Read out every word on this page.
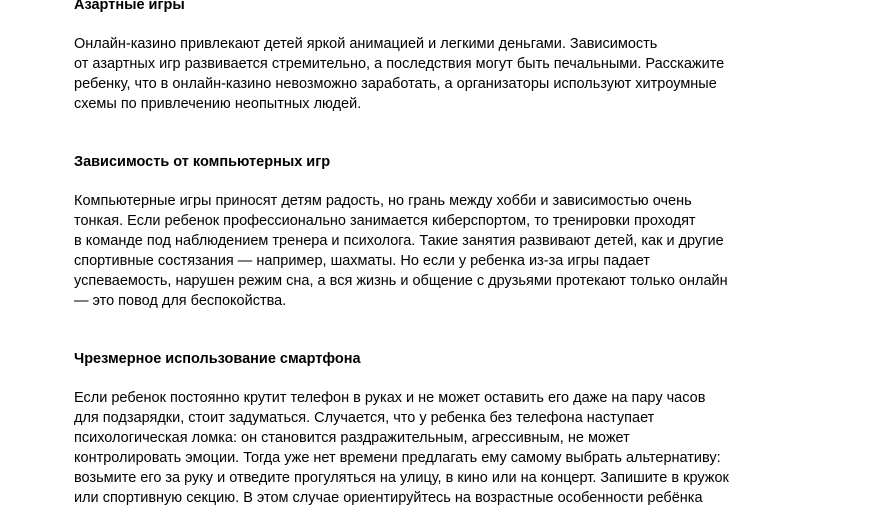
Азартные игры

Онлайн-казино привлекают детей яркой анимацией и легкими деньгами. Зависимость
от азартных игр развивается стремительно, а последствия могут быть печальными. Расскажите
ребенку, что в онлайн-казино невозможно заработать, а организаторы используют хитроумные
схемы по привлечению неопытных людей.

Зависимость от компьютерных игр

Компьютерные игры приносят детям радость, но грань между хобби и зависимостью очень
тонкая. Если ребенок профессионально занимается киберспортом, то тренировки проходят
в команде под наблюдением тренера и психолога. Такие занятия развивают детей, как и другие
спортивные состязания — например, шахматы. Но если у ребенка из-за игры падает
успеваемость, нарушен режим сна, а вся жизнь и общение с друзьями протекают только онлайн
— это повод для беспокойства.

Чрезмерное использование смартфона

Если ребенок постоянно крутит телефон в руках и не может оставить его даже на пару часов
для подзарядки, стоит задуматься. Случается, что у ребенка без телефона наступает
психологическая ломка: он становится раздражительным, агрессивным, не может
контролировать эмоции. Тогда уже нет времени предлагать ему самому выбрать альтернативу:
возьмите его за руку и отведите прогуляться на улицу, в кино или на концерт. Запишите в кружок
или спортивную секцию. В этом случае ориентируйтесь на возрастные особенности ребёнка
